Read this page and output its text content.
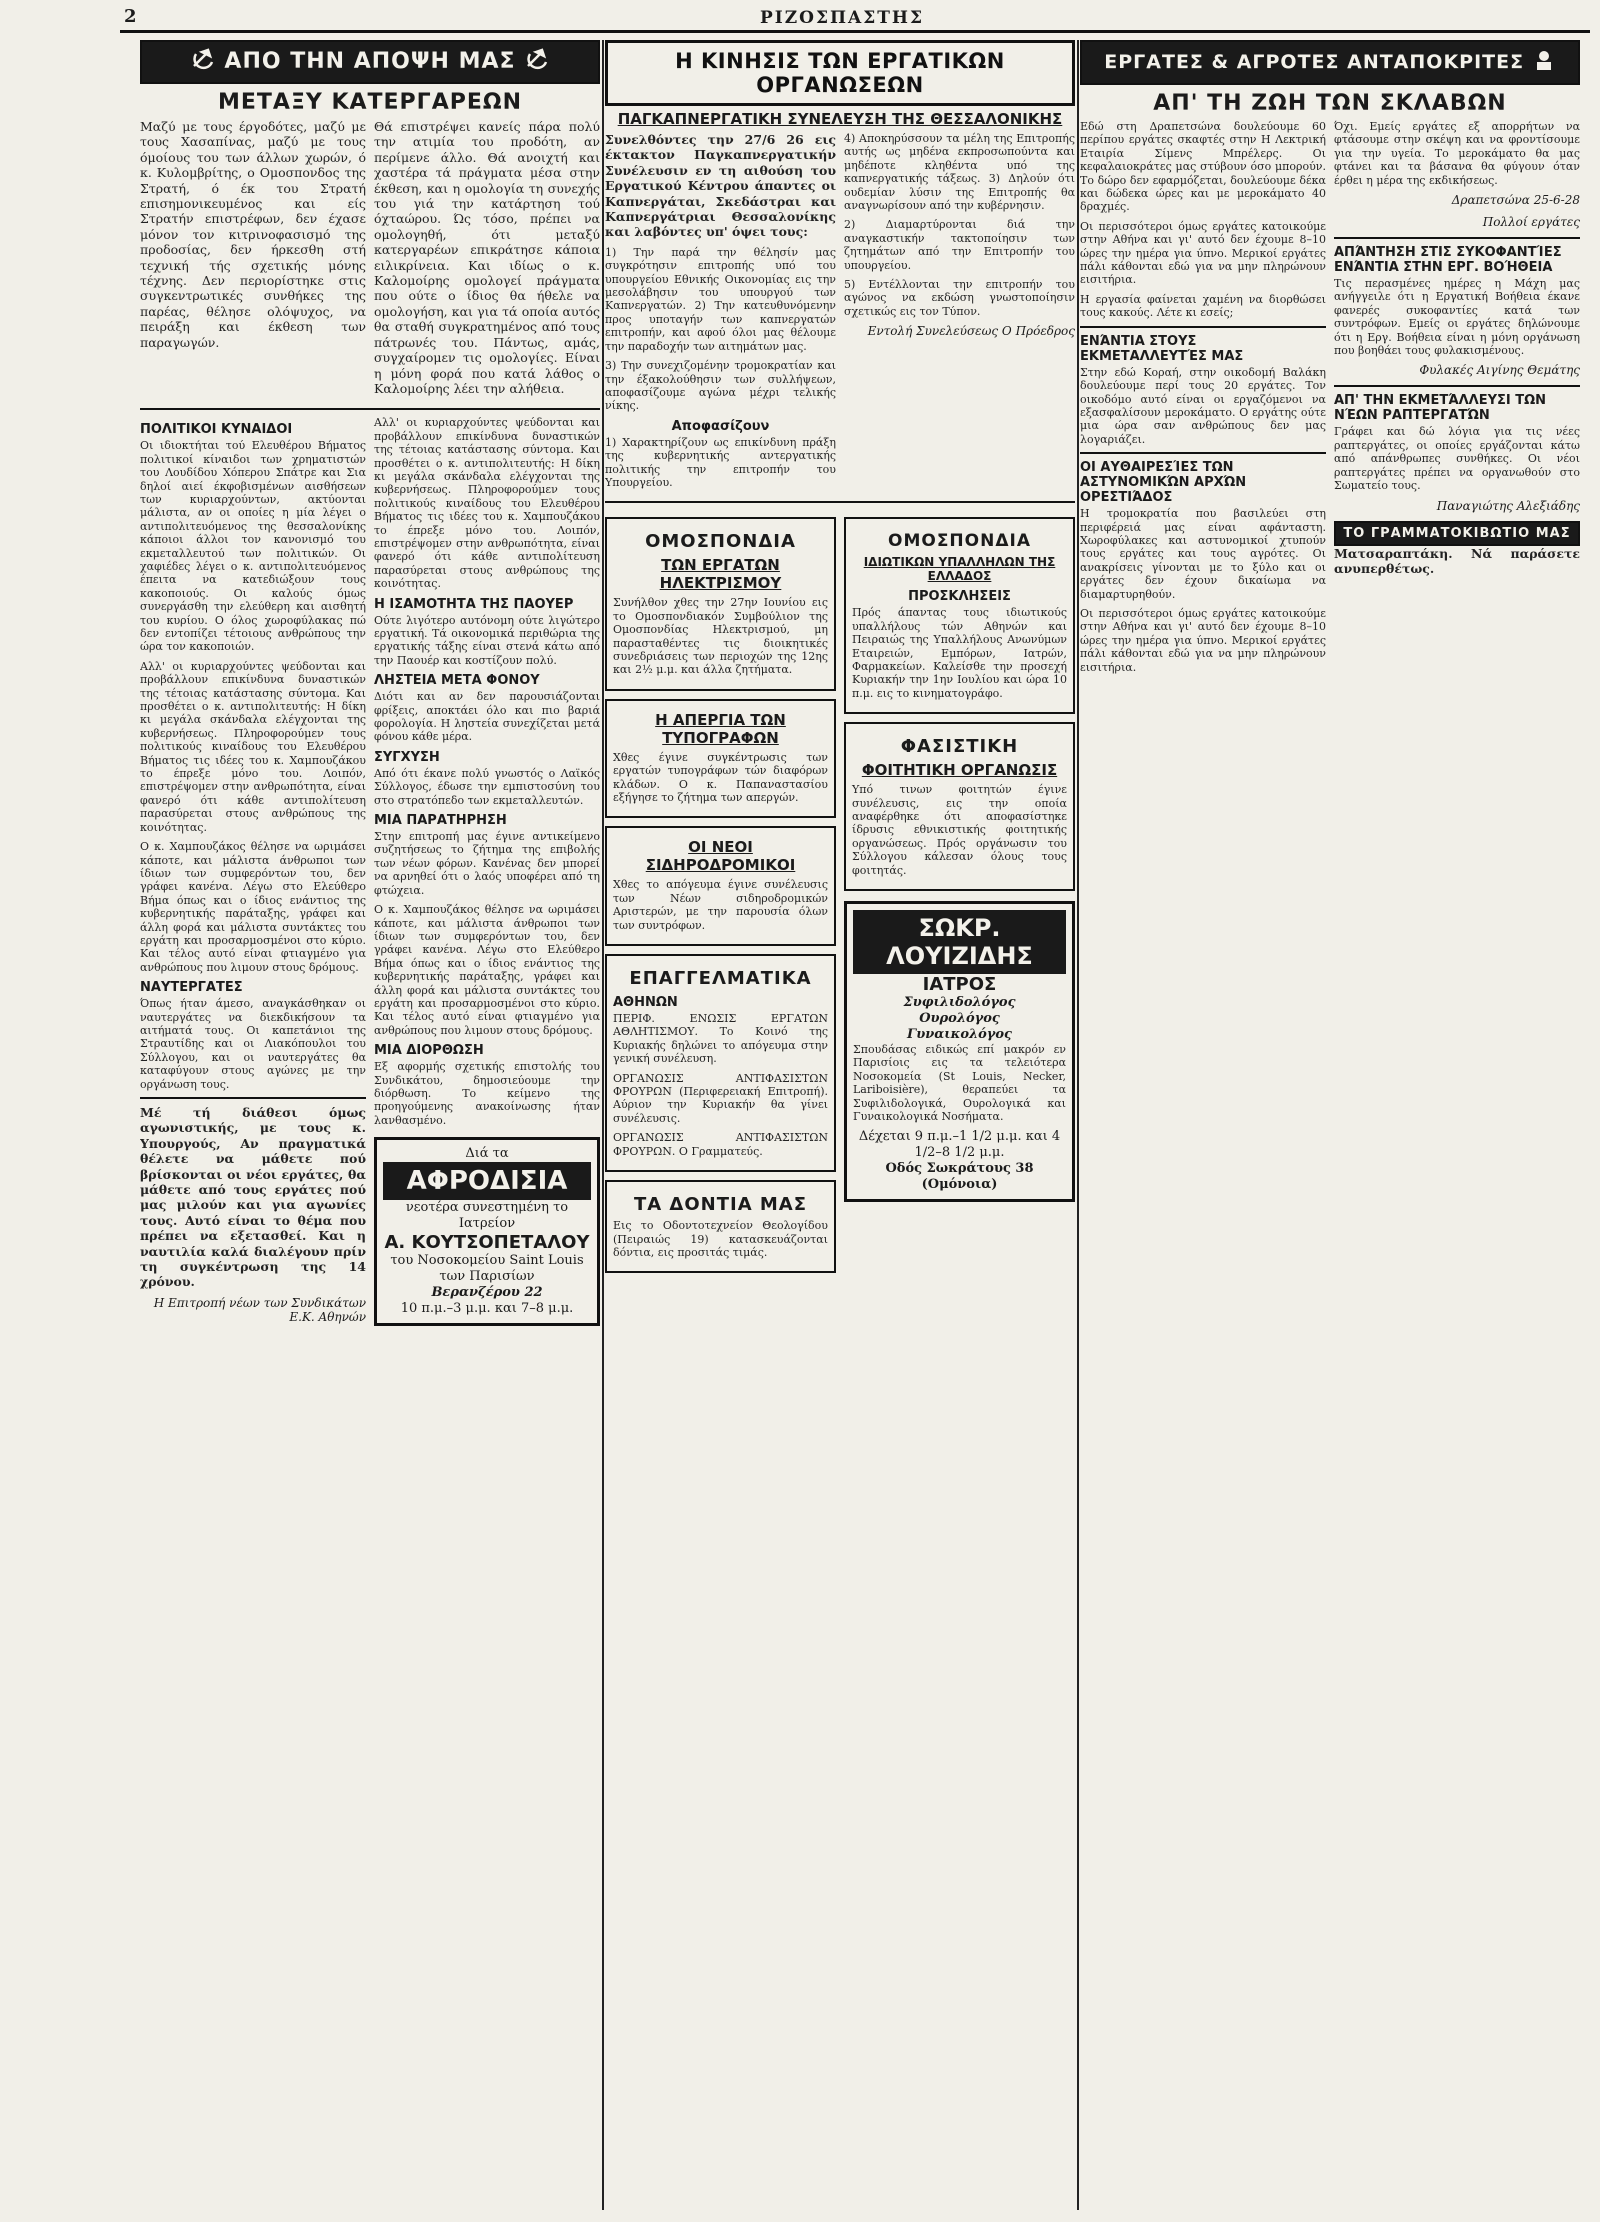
2	ΡΙΖΟΣΠΑΣΤΗΣ
ΑΠΟ ΤΗΝ ΑΠΟΨΗ ΜΑΣ
ΜΕΤΑΞΥ ΚΑΤΕΡΓΑΡΕΩΝ

Μαζύ με τους έργοδότες, μαζύ με τους Χασαπίνας, μαζύ με τους όμοίους του των άλλων χωρών, ό κ. Κυλομβρίτης, ο Ομοσπονδος της Στρατή, ό έκ του Στρατή επισημονικευμένος και είς Στρατήν επιστρέφων, δεν έχασε μόνον τον κιτρινοφασισμό της προδοσίας, δεν ήρκεσθη στή τεχνική τής σχετικής μόνης τέχνης. Δεν περιορίστηκε στις συγκεντρωτικές συνθήκες της παρέας, θέλησε ολόψυχος, να πειράξη και έκθεση των παραγωγών.

Θά επιστρέψει κανείς πάρα πολύ την ατιμία του προδότη, αν περίμενε άλλο. Θά ανοιχτή και χαστέρα τά πράγματα μέσα στην έκθεση, και η ομολογία τη συνεχής του γιά την κατάρτηση τού όχταώρου. Ώς τόσο, πρέπει να ομολογηθή, ότι μεταξύ κατεργαρέων επικράτησε κάποια ειλικρίνεια. Και ιδίως ο κ. Καλομοίρης ομολογεί πράγματα που ούτε ο ίδιος θα ήθελε να ομολογήση, και για τά οποία αυτός θα σταθή συγκρατημένος από τους πάτρωνές του. Πάντως, αμάς, συγχαίρομεν τις ομολογίες. Είναι η μόνη φορά που κατά λάθος ο Καλομοίρης λέει την αλήθεια.

ΠΟΛΙΤΙΚΟΙ ΚΥΝΑΙΔΟΙ

Οι ιδιοκτήται τού Ελευθέρου Βήματος πολιτικοί κίναιδοι των χρηματιστών του Λουδίδου Χόπερου Σπάτρε και Σια δηλοί αιεί έκφοβισμένων αισθήσεων των κυριαρχούντων, ακτύονται μάλιστα, αν οι οποίες η μία λέγει ο αντιπολιτευόμενος της θεσσαλονίκης κάποιοι άλλοι τον κανονισμό του εκμεταλλευτού των πολιτικών. Οι χαφιέδες λέγει ο κ. αντιπολιτευόμενος έπειτα να κατεδιώξουν τους κακοποιούς. Οι καλούς όμως συνεργάσθη την ελεύθερη και αισθητή του κυρίου. Ο όλος χωροφύλακας πώ δεν εντοπίζει τέτοιους ανθρώπους την ώρα τον κακοποιών.

Αλλ' οι κυριαρχούντες ψεύδονται και προβάλλουν επικίνδυνα δυναστικών της τέτοιας κατάστασης σύντομα. Και προσθέτει ο κ. αντιπολιτευτής: Η δίκη κι μεγάλα σκάνδαλα ελέγχονται της κυβερνήσεως. Πληροφορούμεν τους πολιτικούς κιναίδους του Ελευθέρου Βήματος τις ιδέες του κ. Χαμπουζάκου το έπρεξε μόνο του. Λοιπόν, επιστρέψομεν στην ανθρωπότητα, είναι φανερό ότι κάθε αντιπολίτευση παρασύρεται στους ανθρώπους της κοινότητας.

Ο κ. Χαμπουζάκος θέλησε να ωριμάσει κάποτε, και μάλιστα άνθρωποι των ίδιων των συμφερόντων του, δεν γράφει κανένα. Λέγω στο Ελεύθερο Βήμα όπως και ο ίδιος ενάντιος της κυβερνητικής παράταξης, γράφει και άλλη φορά και μάλιστα συντάκτες του εργάτη και προσαρμοσμένοι στο κύριο. Και τέλος αυτό είναι φτιαγμένο για ανθρώπους που λιμουν στους δρόμους.

ΝΑΥΤΕΡΓΑΤΕΣ

Όπως ήταν άμεσο, αναγκάσθηκαν οι ναυτεργάτες να διεκδικήσουν τα αιτήματά τους. Οι καπετάνιοι της Στραυτίδης και οι Λιακόπουλοι του Σύλλογου, και οι ναυτεργάτες θα καταφύγουν στους αγώνες με την οργάνωση τους.

Μέ τή διάθεσι όμως αγωνιστικής, με τους κ. Υπουργούς, Αν πραγματικά θέλετε να μάθετε πού βρίσκονται οι νέοι εργάτες, θα μάθετε από τους εργάτες πού μας μιλούν και για αγωνίες τους. Αυτό είναι το θέμα που πρέπει να εξετασθεί. Και η ναυτιλία καλά διαλέγουν πρίν τη συγκέντρωση της 14 χρόνου.

Η Επιτροπή νέων των Συνδικάτων Ε.Κ. Αθηνών

Αλλ' οι κυριαρχούντες ψεύδονται και προβάλλουν επικίνδυνα δυναστικών της τέτοιας κατάστασης σύντομα. Και προσθέτει ο κ. αντιπολιτευτής: Η δίκη κι μεγάλα σκάνδαλα ελέγχονται της κυβερνήσεως. Πληροφορούμεν τους πολιτικούς κιναίδους του Ελευθέρου Βήματος τις ιδέες του κ. Χαμπουζάκου το έπρεξε μόνο του. Λοιπόν, επιστρέψομεν στην ανθρωπότητα, είναι φανερό ότι κάθε αντιπολίτευση παρασύρεται στους ανθρώπους της κοινότητας.

Η ΙΣΑΜΟΤΗΤΑ ΤΗΣ ΠΑΟΥΕΡ

Ούτε λιγότερο αυτόνομη ούτε λιγώτερο εργατική. Τά οικονομικά περιθώρια της εργατικής τάξης είναι στενά κάτω από την Παουέρ και κοστίζουν πολύ.

ΛΗΣΤΕΙΑ ΜΕΤΑ ΦΟΝΟΥ

Διότι και αν δεν παρουσιάζονται φρίξεις, αποκτάει όλο και πιο βαριά φορολογία. Η ληστεία συνεχίζεται μετά φόνου κάθε μέρα.

ΣΥΓΧΥΣΗ

Από ότι έκανε πολύ γνωστός ο Λαϊκός Σύλλογος, έδωσε την εμπιστοσύνη του στο στρατόπεδο των εκμεταλλευτών.

ΜΙΑ ΠΑΡΑΤΗΡΗΣΗ

Στην επιτροπή μας έγινε αντικείμενο συζητήσεως το ζήτημα της επιβολής των νέων φόρων. Κανένας δεν μπορεί να αρνηθεί ότι ο λαός υποφέρει από τη φτώχεια.

Ο κ. Χαμπουζάκος θέλησε να ωριμάσει κάποτε, και μάλιστα άνθρωποι των ίδιων των συμφερόντων του, δεν γράφει κανένα. Λέγω στο Ελεύθερο Βήμα όπως και ο ίδιος ενάντιος της κυβερνητικής παράταξης, γράφει και άλλη φορά και μάλιστα συντάκτες του εργάτη και προσαρμοσμένοι στο κύριο. Και τέλος αυτό είναι φτιαγμένο για ανθρώπους που λιμουν στους δρόμους.

ΜΙΑ ΔΙΟΡΘΩΣΗ

Εξ αφορμής σχετικής επιστολής του Συνδικάτου, δημοσιεύουμε την διόρθωση. Το κείμενο της προηγούμενης ανακοίνωσης ήταν λανθασμένο.

Διά τα
ΑΦΡΟΔΙΣΙΑ
νεοτέρα συνεστημένη το Ιατρείον
Α. ΚΟΥΤΣΟΠΕΤΑΛΟΥ
του Νοσοκομείου Saint Louis των Παρισίων
Βερανζέρου 22
10 π.μ.–3 μ.μ. και 7–8 μ.μ.
Η ΚΙΝΗΣΙΣ ΤΩΝ ΕΡΓΑΤΙΚΩΝ ΟΡΓΑΝΩΣΕΩΝ
ΠΑΓΚΑΠΝΕΡΓΑΤΙΚΗ ΣΥΝΕΛΕΥΣΗ ΤΗΣ ΘΕΣΣΑΛΟΝΙΚΗΣ

Συνελθόντες την 27/6 26 εις έκτακτον Παγκαπνεργατικήν Συνέλευσιν εν τη αιθούση του Εργατικού Κέντρου άπαντες οι Καπνεργάται, Σκεδάστραι και Καπνεργάτριαι Θεσσαλονίκης και λαβόντες υπ' όψει τους:

1) Την παρά την θέλησίν μας συγκρότησιν επιτροπής υπό του υπουργείου Εθνικής Οικονομίας εις την μεσολάβησιν του υπουργού των Καπνεργατών. 2) Την κατευθυνόμενην προς υποταγήν των καπνεργατών επιτροπήν, και αφού όλοι μας θέλουμε την παραδοχήν των αιτημάτων μας.

3) Την συνεχιζομένην τρομοκρατίαν και την έξακολούθησιν των συλλήψεων, αποφασίζουμε αγώνα μέχρι τελικής νίκης.

Αποφασίζουν

1) Χαρακτηρίζουν ως επικίνδυνη πράξη της κυβερνητικής αντεργατικής πολιτικής την επιτροπήν του Υπουργείου.

4) Αποκηρύσσουν τα μέλη της Επιτροπής αυτής ως μηδένα εκπροσωπούντα και μηδέποτε κληθέντα υπό της καπνεργατικής τάξεως. 3) Δηλούν ότι ουδεμίαν λύσιν της Επιτροπής θα αναγνωρίσουν από την κυβέρνησιν.

2) Διαμαρτύρονται διά την αναγκαστικήν τακτοποίησιν των ζητημάτων από την Επιτροπήν του υπουργείου.

5) Εντέλλονται την επιτροπήν του αγώνος να εκδώση γνωστοποίησιν σχετικώς εις τον Τύπον.

Εντολή Συνελεύσεως Ο Πρόεδρος
ΟΜΟΣΠΟΝΔΙΑ
ΤΩΝ ΕΡΓΑΤΩΝ ΗΛΕΚΤΡΙΣΜΟΥ

Συνήλθον χθες την 27ην Ιουνίου εις το Ομοσπονδιακόν Συμβούλιον της Ομοσπονδίας Ηλεκτρισμού, μη παρασταθέντες τις διοικητικές συνεδριάσεις των περιοχών της 12ης και 2½ μ.μ. και άλλα ζητήματα.

Η ΑΠΕΡΓΙΑ ΤΩΝ ΤΥΠΟΓΡΑΦΩΝ

Χθες έγινε συγκέντρωσις των εργατών τυπογράφων τών διαφόρων κλάδων. Ο κ. Παπαναστασίου εξήγησε το ζήτημα των απεργών.

ΟΙ ΝΕΟΙ ΣΙΔΗΡΟΔΡΟΜΙΚΟΙ

Χθες το απόγευμα έγινε συνέλευσις των Νέων σιδηροδρομικών Αριστερών, με την παρουσία όλων των συντρόφων.

ΕΠΑΓΓΕΛΜΑΤΙΚΑ
ΑΘΗΝΩΝ

ΠΕΡΙΦ. ΕΝΩΣΙΣ ΕΡΓΑΤΩΝ ΑΘΛΗΤΙΣΜΟΥ. Το Κοινό της Κυριακής δηλώνει το απόγευμα στην γενική συνέλευση.

ΟΡΓΑΝΩΣΙΣ ΑΝΤΙΦΑΣΙΣΤΩΝ ΦΡΟΥΡΩΝ (Περιφερειακή Επιτροπή). Αύριον την Κυριακήν θα γίνει συνέλευσις.

ΟΡΓΑΝΩΣΙΣ ΑΝΤΙΦΑΣΙΣΤΩΝ ΦΡΟΥΡΩΝ. Ο Γραμματεύς.

ΤΑ ΔΟΝΤΙΑ ΜΑΣ

Εις το Οδοντοτεχνείον Θεολογίδου (Πειραιώς 19) κατασκευάζονται δόντια, εις προσιτάς τιμάς.

ΟΜΟΣΠΟΝΔΙΑ
ΙΔΙΩΤΙΚΩΝ ΥΠΑΛΛΗΛΩΝ ΤΗΣ ΕΛΛΑΔΟΣ
ΠΡΟΣΚΛΗΣΕΙΣ

Πρός άπαντας τους ιδιωτικούς υπαλλήλους τών Αθηνών και Πειραιώς της Υπαλλήλους Ανωνύμων Εταιρειών, Εμπόρων, Ιατρών, Φαρμακείων. Καλείσθε την προσεχή Κυριακήν την 1ην Ιουλίου και ώρα 10 π.μ. εις το κινηματογράφο.

ΦΑΣΙΣΤΙΚΗ
ΦΟΙΤΗΤΙΚΗ ΟΡΓΑΝΩΣΙΣ

Υπό τινων φοιτητών έγινε συνέλευσις, εις την οποία αναφέρθηκε ότι αποφασίστηκε ίδρυσις εθνικιστικής φοιτητικής οργανώσεως. Πρός οργάνωσιν του Σύλλογου κάλεσαν όλους τους φοιτητάς.

ΣΩΚΡ. ΛΟΥΙΖΙΔΗΣ
ΙΑΤΡΟΣ
Συφιλιδολόγος
Ουρολόγος
Γυναικολόγος

Σπουδάσας ειδικώς επί μακρόν εν Παρισίοις εις τα τελειότερα Νοσοκομεία (St Louis, Necker, Lariboisière), θεραπεύει τα Συφιλιδολογικά, Ουρολογικά και Γυναικολογικά Νοσήματα.

Δέχεται 9 π.μ.–1 1/2 μ.μ. και 4 1/2–8 1/2 μ.μ.
Οδός Σωκράτους 38 (Ομόνοια)
ΕΡΓΑΤΕΣ & ΑΓΡΟΤΕΣ ΑΝΤΑΠΟΚΡΙΤΕΣ
ΑΠ' ΤΗ ΖΩΗ ΤΩΝ ΣΚΛΑΒΩΝ

Εδώ στη Δραπετσώνα δουλεύουμε 60 περίπου εργάτες σκαφτές στην Η Λεκτρική Εταιρία Σίμενς Μπρέλερς. Οι κεφαλαιοκράτες μας στύβουν όσο μπορούν. Το δώρο δεν εφαρμόζεται, δουλεύουμε δέκα και δώδεκα ώρες και με μεροκάματο 40 δραχμές.

Οι περισσότεροι όμως εργάτες κατοικούμε στην Αθήνα και γι' αυτό δεν έχουμε 8–10 ώρες την ημέρα για ύπνο. Μερικοί εργάτες πάλι κάθονται εδώ για να μην πληρώνουν εισιτήρια.

Η εργασία φαίνεται χαμένη να διορθώσει τους κακούς. Λέτε κι εσείς;

ΕΝΆΝΤΙΑ ΣΤΟΥΣ ΕΚΜΕΤΑΛΛΕΥΤΈΣ ΜΑΣ

Στην εδώ Κοραή, στην οικοδομή Βαλάκη δουλεύουμε περί τους 20 εργάτες. Τον οικοδόμο αυτό είναι οι εργαζόμενοι να εξασφαλίσουν μεροκάματο. Ο εργάτης ούτε μια ώρα σαν ανθρώπους δεν μας λογαριάζει.

ΟΙ ΑΥΘΑΙΡΕΣΊΕΣ ΤΩΝ ΑΣΤΥΝΟΜΙΚΏΝ ΑΡΧΏΝ ΟΡΕΣΤΙΆΔΟΣ

Η τρομοκρατία που βασιλεύει στη περιφέρειά μας είναι αφάνταστη. Χωροφύλακες και αστυνομικοί χτυπούν τους εργάτες και τους αγρότες. Οι ανακρίσεις γίνονται με το ξύλο και οι εργάτες δεν έχουν δικαίωμα να διαμαρτυρηθούν.

Οι περισσότεροι όμως εργάτες κατοικούμε στην Αθήνα και γι' αυτό δεν έχουμε 8–10 ώρες την ημέρα για ύπνο. Μερικοί εργάτες πάλι κάθονται εδώ για να μην πληρώνουν εισιτήρια.

Όχι. Εμείς εργάτες εξ απορρήτων να φτάσουμε στην σκέψη και να φροντίσουμε για την υγεία. Το μεροκάματο θα μας φτάνει και τα βάσανα θα φύγουν όταν έρθει η μέρα της εκδικήσεως.

Δραπετσώνα 25-6-28
Πολλοί εργάτες
ΑΠΆΝΤΗΣΗ ΣΤΙΣ ΣΥΚΟΦΑΝΤΊΕΣ ΕΝΆΝΤΙΑ ΣΤΗΝ ΕΡΓ. ΒΟΉΘΕΙΑ

Τις περασμένες ημέρες η Μάχη μας ανήγγειλε ότι η Εργατική Βοήθεια έκανε φανερές συκοφαντίες κατά των συντρόφων. Εμείς οι εργάτες δηλώνουμε ότι η Εργ. Βοήθεια είναι η μόνη οργάνωση που βοηθάει τους φυλακισμένους.

Φυλακές Αιγίνης Θεμάτης
ΑΠ' ΤΗΝ ΕΚΜΕΤΆΛΛΕΥΣΙ ΤΩΝ ΝΈΩΝ ΡΑΠΤΕΡΓΑΤΏΝ

Γράφει και δώ λόγια για τις νέες ραπτεργάτες, οι οποίες εργάζονται κάτω από απάνθρωπες συνθήκες. Οι νέοι ραπτεργάτες πρέπει να οργανωθούν στο Σωματείο τους.

Παναγιώτης Αλεξιάδης
ΤΟ ΓΡΑΜΜΑΤΟΚΙΒΩΤΙΟ ΜΑΣ

Ματσαραπτάκη. Νά παράσετε ανυπερθέτως.
